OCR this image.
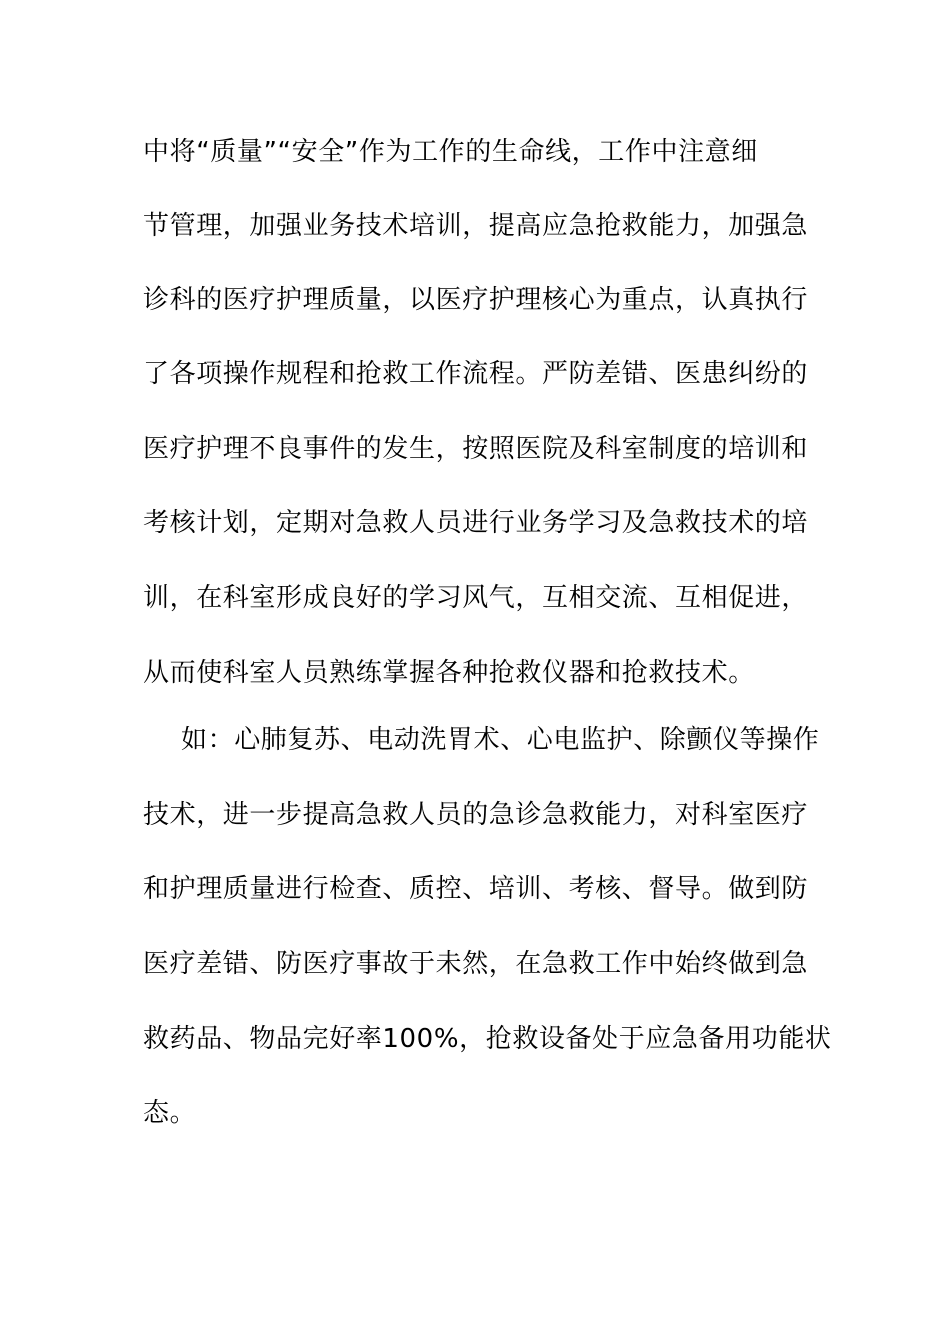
中将“质量”“安全”作为工作的生命线，工作中注意细
节管理，加强业务技术培训，提高应急抢救能力，加强急
诊科的医疗护理质量，以医疗护理核心为重点，认真执行
了各项操作规程和抢救工作流程。严防差错、医患纠纷的
医疗护理不良事件的发生，按照医院及科室制度的培训和
考核计划，定期对急救人员进行业务学习及急救技术的培
训，在科室形成良好的学习风气，互相交流、互相促进，
从而使科室人员熟练掌握各种抢救仪器和抢救技术。
如：心肺复苏、电动洗胃术、心电监护、除颤仪等操作
技术，进一步提高急救人员的急诊急救能力，对科室医疗
和护理质量进行检查、质控、培训、考核、督导。做到防
医疗差错、防医疗事故于未然，在急救工作中始终做到急
救药品、物品完好率100%，抢救设备处于应急备用功能状
态。
